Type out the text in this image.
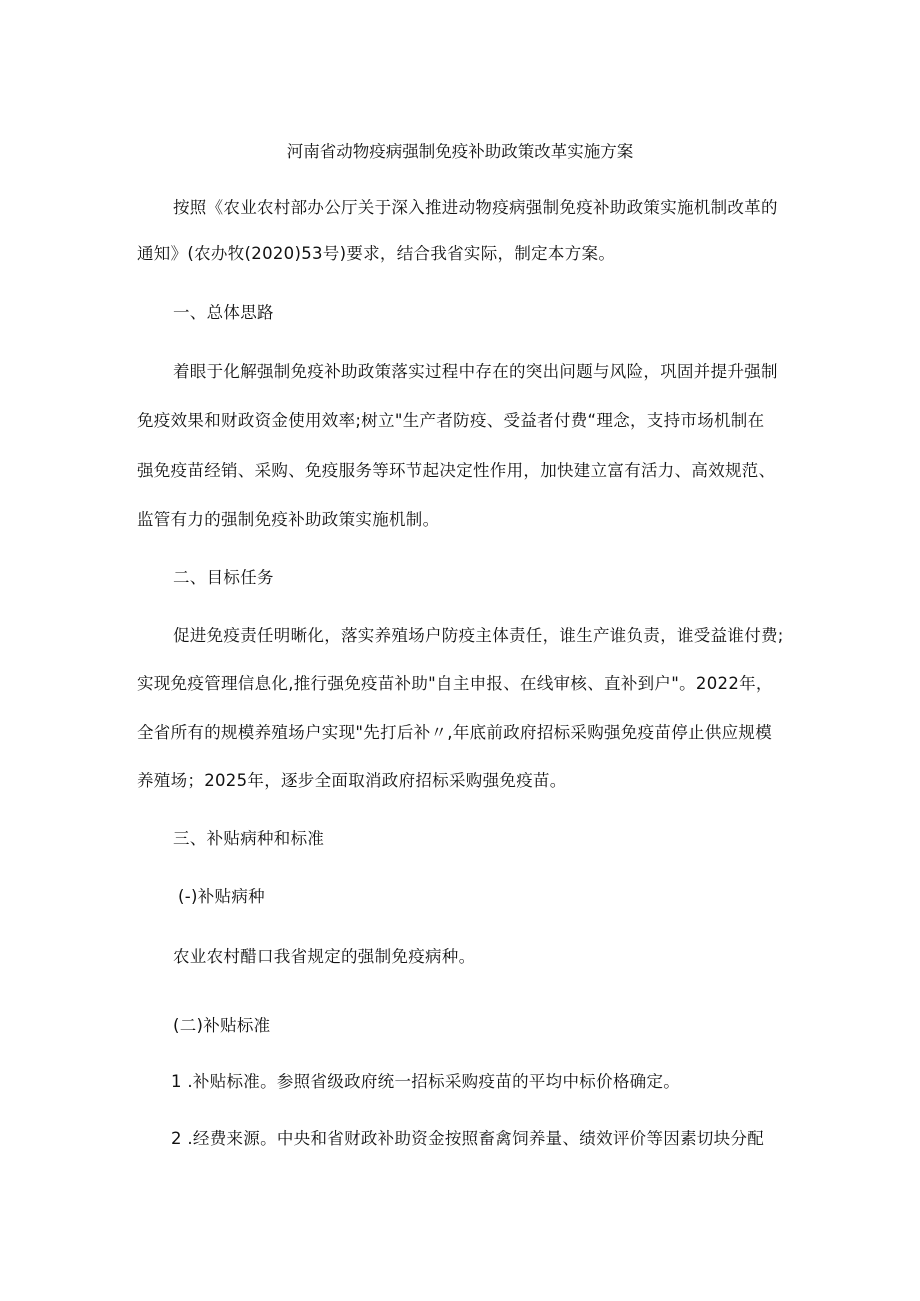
河南省动物疫病强制免疫补助政策改革实施方案
按照《农业农村部办公厅关于深入推进动物疫病强制免疫补助政策实施机制改革的
通知》(农办牧(2020)53号)要求，结合我省实际，制定本方案。
一、总体思路
着眼于化解强制免疫补助政策落实过程中存在的突出问题与风险，巩固并提升强制
免疫效果和财政资金使用效率;树立"生产者防疫、受益者付费“理念，支持市场机制在
强免疫苗经销、采购、免疫服务等环节起决定性作用，加快建立富有活力、高效规范、
监管有力的强制免疫补助政策实施机制。
二、目标任务
促进免疫责任明晰化，落实养殖场户防疫主体责任，谁生产谁负责，谁受益谁付费;
实现免疫管理信息化,推行强免疫苗补助"自主申报、在线审核、直补到户"。2022年，
全省所有的规模养殖场户实现"先打后补〃,年底前政府招标采购强免疫苗停止供应规模
养殖场；2025年，逐步全面取消政府招标采购强免疫苗。
三、补贴病种和标准
(-)补贴病种
农业农村醋口我省规定的强制免疫病种。
(二)补贴标准
1 .补贴标准。参照省级政府统一招标采购疫苗的平均中标价格确定。
2 .经费来源。中央和省财政补助资金按照畜禽饲养量、绩效评价等因素切块分配
